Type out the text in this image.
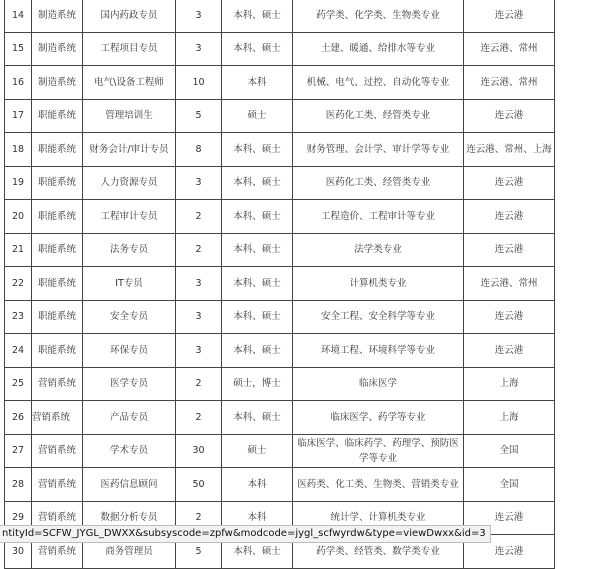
14	制造系统	国内药政专员	3	本科、硕士	药学类、化学类、生物类专业	连云港
15	制造系统	工程项目专员	3	本科、硕士	土建、暖通、给排水等专业	连云港、常州
16	制造系统	电气\设备工程师	10	本科	机械、电气、过控、自动化等专业	连云港、常州
17	职能系统	管理培训生	5	硕士	医药化工类、经管类专业	连云港
18	职能系统	财务会计/审计专员	8	本科、硕士	财务管理、会计学、审计学等专业	连云港、常州、上海
19	职能系统	人力资源专员	3	本科、硕士	医药化工类、经管类专业	连云港
20	职能系统	工程审计专员	2	本科、硕士	工程造价、工程审计等专业	连云港
21	职能系统	法务专员	2	本科、硕士	法学类专业	连云港
22	职能系统	IT专员	3	本科、硕士	计算机类专业	连云港、常州
23	职能系统	安全专员	3	本科、硕士	安全工程、安全科学等专业	连云港
24	职能系统	环保专员	3	本科、硕士	环境工程、环境科学等专业	连云港
25	营销系统	医学专员	2	硕士，博士	临床医学	上海
26	营销系统	产品专员	2	本科、硕士	临床医学、药学等专业	上海
27	营销系统	学术专员	30	硕士	临床医学、临床药学、药理学、预防医学等专业	全国
28	营销系统	医药信息顾问	50	本科	医药类、化工类、生物类、营销类专业	全国
29	营销系统	数据分析专员	2	本科	统计学、计算机类专业	连云港
30	营销系统	商务管理员	5	本科、硕士	药学类、经管类、数学类专业	连云港
ntityId=SCFW_JYGL_DWXX&subsyscode=zpfw&modcode=jygl_scfwyrdw&type=viewDwxx&id=3
